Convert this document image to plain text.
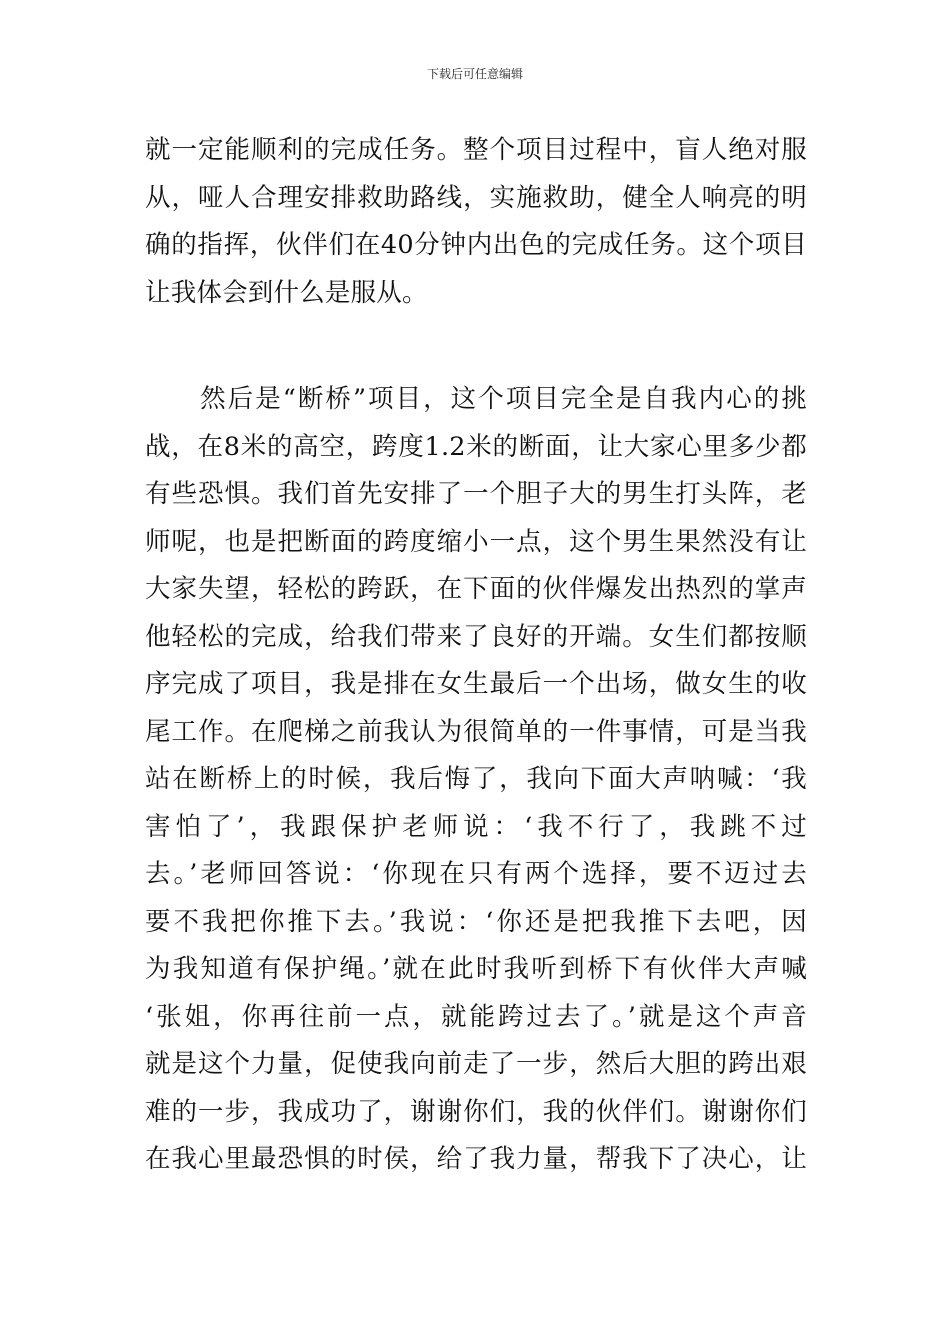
下载后可任意编辑

就一定能顺利的完成任务。整个项目过程中，盲人绝对服
从，哑人合理安排救助路线，实施救助，健全人响亮的明
确的指挥，伙伴们在40分钟内出色的完成任务。这个项目
让我体会到什么是服从。

　　然后是“断桥”项目，这个项目完全是自我内心的挑
战，在8米的高空，跨度1.2米的断面，让大家心里多少都
有些恐惧。我们首先安排了一个胆子大的男生打头阵，老
师呢，也是把断面的跨度缩小一点，这个男生果然没有让
大家失望，轻松的跨跃，在下面的伙伴爆发出热烈的掌声
他轻松的完成，给我们带来了良好的开端。女生们都按顺
序完成了项目，我是排在女生最后一个出场，做女生的收
尾工作。在爬梯之前我认为很简单的一件事情，可是当我
站在断桥上的时候，我后悔了，我向下面大声呐喊：‘我
害怕了’，我跟保护老师说：‘我不行了，我跳不过
去。’老师回答说：‘你现在只有两个选择，要不迈过去
要不我把你推下去。’我说：‘你还是把我推下去吧，因
为我知道有保护绳。’就在此时我听到桥下有伙伴大声喊
‘张姐，你再往前一点，就能跨过去了。’就是这个声音
就是这个力量，促使我向前走了一步，然后大胆的跨出艰
难的一步，我成功了，谢谢你们，我的伙伴们。谢谢你们
在我心里最恐惧的时侯，给了我力量，帮我下了决心，让
